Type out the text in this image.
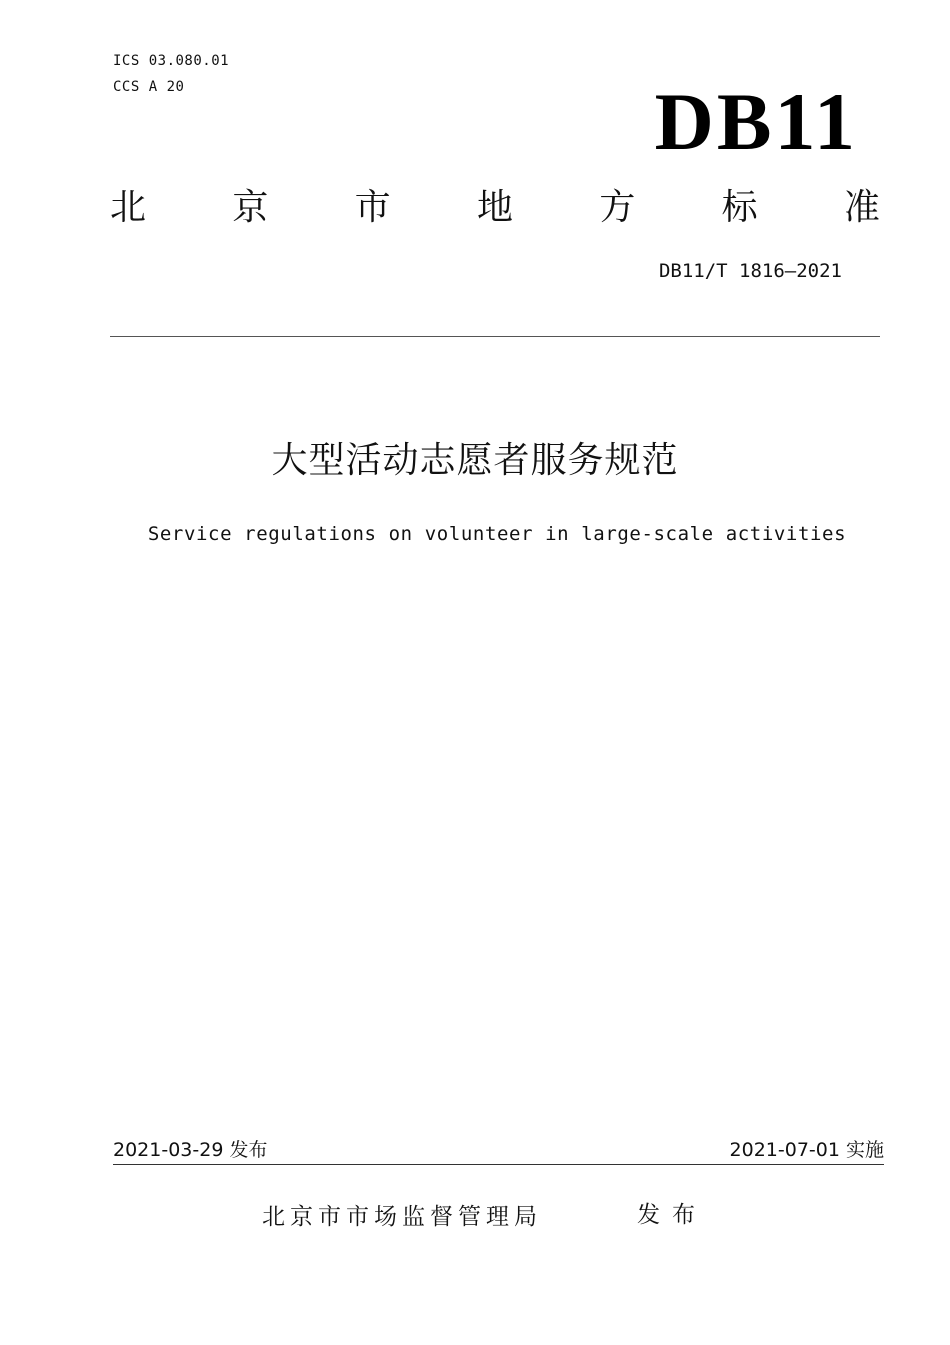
ICS 03.080.01
CCS A 20	DB11
北 京 市 地 方 标 准
DB11/T 1816—2021
大型活动志愿者服务规范
Service regulations on volunteer in large-scale activities
2021-03-29 发布	2021-07-01 实施
北京市市场监督管理局	发布
